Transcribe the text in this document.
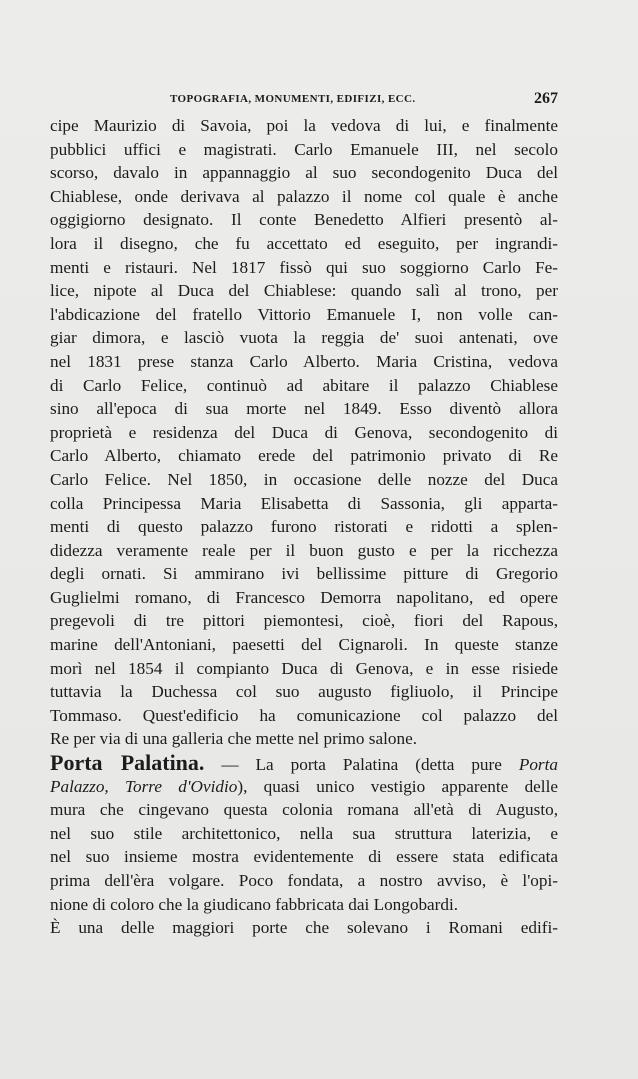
TOPOGRAFIA, MONUMENTI, EDIFIZI, ECC.	267
cipe Maurizio di Savoia, poi la vedova di lui, e finalmente
pubblici uffici e magistrati. Carlo Emanuele III, nel secolo
scorso, davalo in appannaggio al suo secondogenito Duca del
Chiablese, onde derivava al palazzo il nome col quale è anche
oggigiorno designato. Il conte Benedetto Alfieri presentò al-
lora il disegno, che fu accettato ed eseguito, per ingrandi-
menti e ristauri. Nel 1817 fissò qui suo soggiorno Carlo Fe-
lice, nipote al Duca del Chiablese: quando salì al trono, per
l'abdicazione del fratello Vittorio Emanuele I, non volle can-
giar dimora, e lasciò vuota la reggia de' suoi antenati, ove
nel 1831 prese stanza Carlo Alberto. Maria Cristina, vedova
di Carlo Felice, continuò ad abitare il palazzo Chiablese
sino all'epoca di sua morte nel 1849. Esso diventò allora
proprietà e residenza del Duca di Genova, secondogenito di
Carlo Alberto, chiamato erede del patrimonio privato di Re
Carlo Felice. Nel 1850, in occasione delle nozze del Duca
colla Principessa Maria Elisabetta di Sassonia, gli apparta-
menti di questo palazzo furono ristorati e ridotti a splen-
didezza veramente reale per il buon gusto e per la ricchezza
degli ornati. Si ammirano ivi bellissime pitture di Gregorio
Guglielmi romano, di Francesco Demorra napolitano, ed opere
pregevoli di tre pittori piemontesi, cioè, fiori del Rapous,
marine dell'Antoniani, paesetti del Cignaroli. In queste stanze
morì nel 1854 il compianto Duca di Genova, e in esse risiede
tuttavia la Duchessa col suo augusto figliuolo, il Principe
Tommaso. Quest'edificio ha comunicazione col palazzo del
Re per via di una galleria che mette nel primo salone.
Porta Palatina. — La porta Palatina (detta pure Porta
Palazzo, Torre d'Ovidio), quasi unico vestigio apparente delle
mura che cingevano questa colonia romana all'età di Augusto,
nel suo stile architettonico, nella sua struttura laterizia, e
nel suo insieme mostra evidentemente di essere stata edificata
prima dell'èra volgare. Poco fondata, a nostro avviso, è l'opi-
nione di coloro che la giudicano fabbricata dai Longobardi.
È una delle maggiori porte che solevano i Romani edifi-
